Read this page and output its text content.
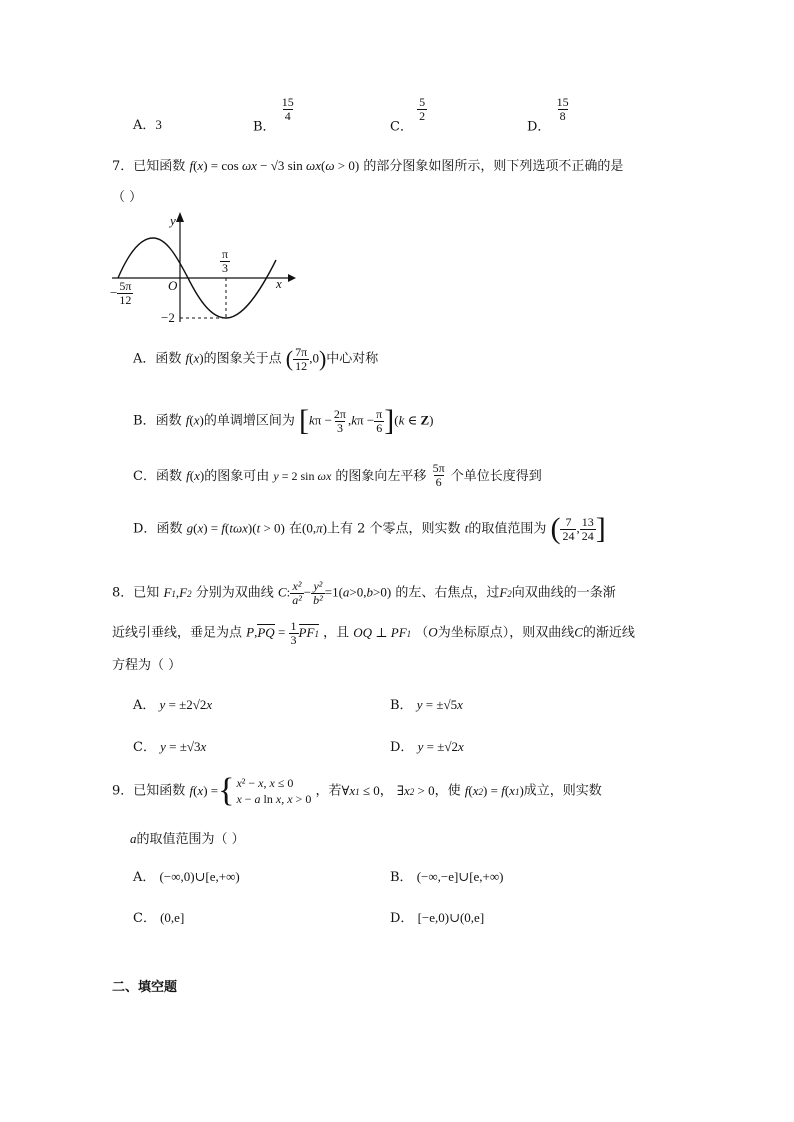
A．3	B．
$\frac{15}{4}$
C．
$\frac{5}{2}$
D．
$\frac{15}{8}$
7．已知函数 f(x) = cos ωx − √3 sin ωx(ω > 0) 的部分图象如图所示，则下列选项不正确的是
（ ）
y
x
O
$\frac{\pi}{3}$
− $\frac{5\pi}{12}$
−2
A．函数 f(x)的图象关于点 ( $\frac{7\pi}{12} ,0$)中心对称
B．函数 f(x)的单调增区间为 $[k\pi - \frac{2\pi}{3} ,k\pi - \frac{\pi}{6} ](k$ ∈ Z)
C．函数 f(x)的图象可由 y = 2 sin ωx 的图象向左平移 $\frac{5\pi}{6}$ 个单位长度得到
D．函数 g(x) = f(tωx)(t > 0) 在(0,π)上有 2 个零点，则实数 t的取值范围为 ( $\frac{7}{24}$ , $\frac{13}{24}$ ]
8．已知 F1,F2 分别为双曲线 C: $\frac{\text{x²}}{\text{a²}} - \frac{\text{y²}}{\text{b²}} =1(a>0,b>0)$ 的左、右焦点，过F2向双曲线的一条渐
近线引垂线，垂足为点 $P,PQ = \frac{1}{3} PF1$ ，且 OQ ⊥ PF1 （O为坐标原点），则双曲线C的渐近线
方程为（ ）
A． y = ±2√2x	B． y = ±√5x
C． y = ±√3x	D． y = ±√2x
9．已知函数 f(x) = { x² − x, x ≤ 0
x − a ln x, x > 0
，若∀x1 ≤ 0， ∃x2 > 0，使 f(x2) = f(x1)成立，则实数
a的取值范围为（ ）
A． (−∞,0)∪[e,+∞)	B． (−∞,−e]∪[e,+∞)
C． (0,e]	D． [−e,0)∪(0,e]
二、填空题
